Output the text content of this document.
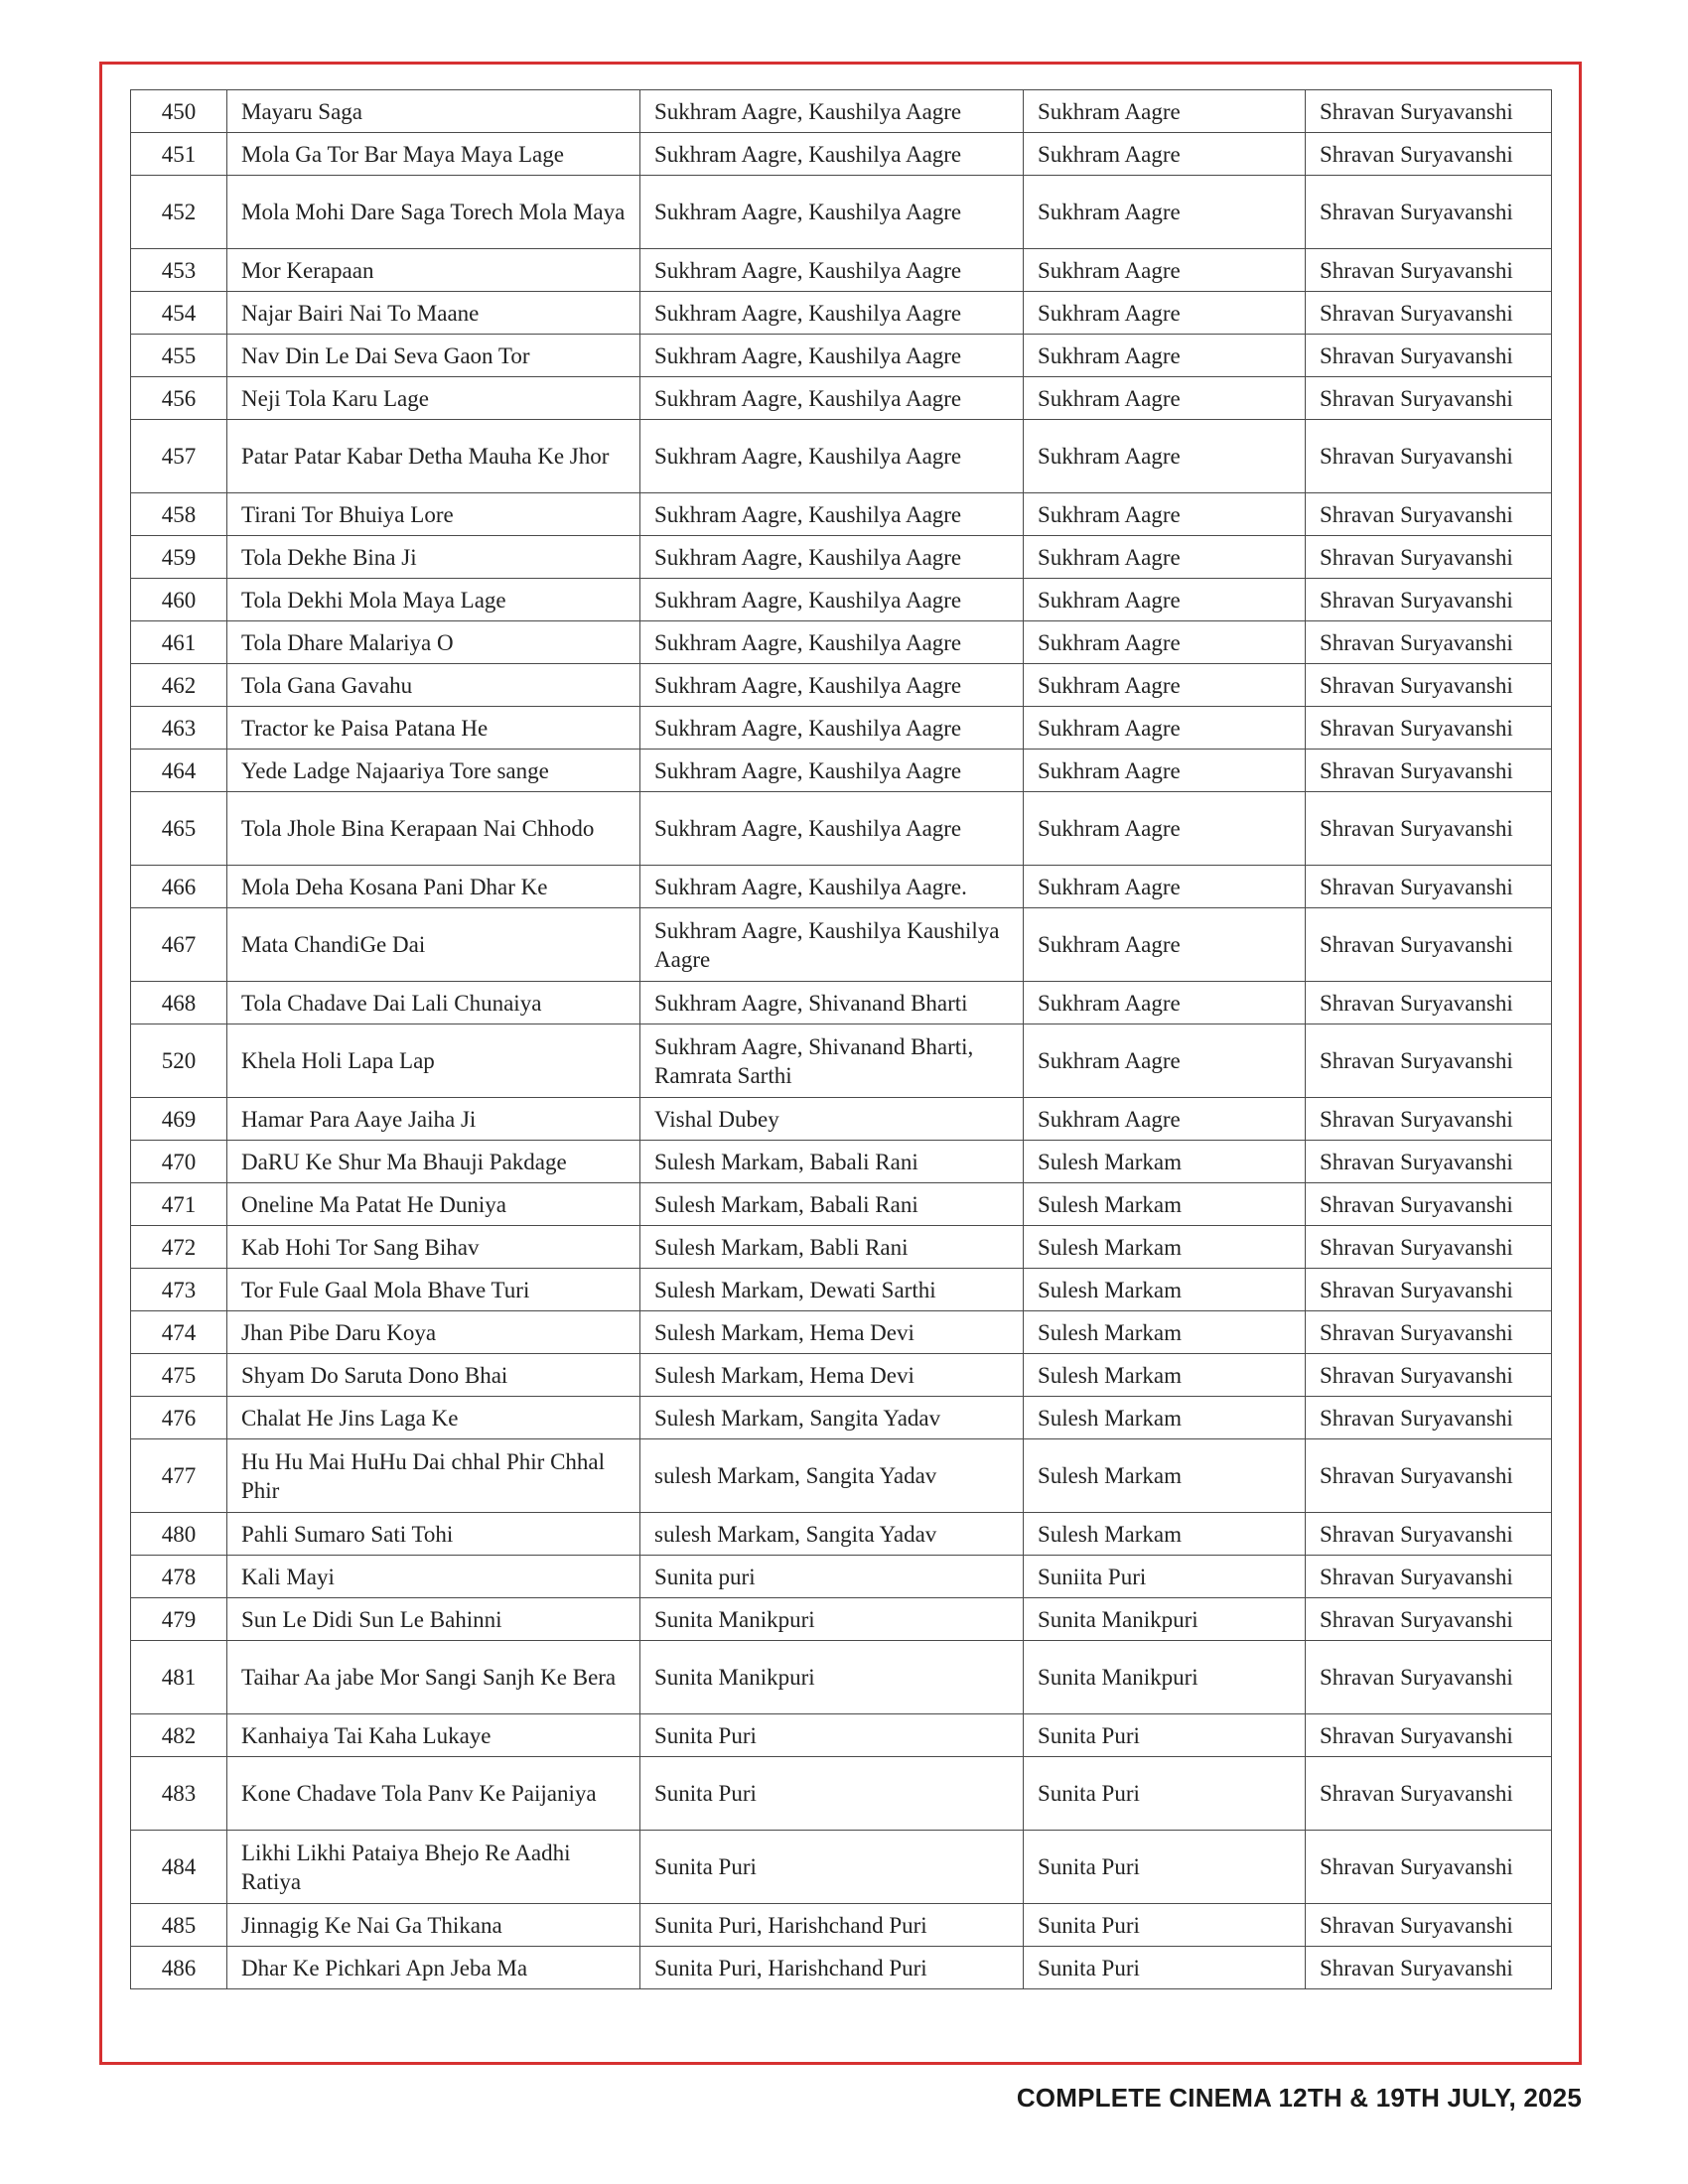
450	Mayaru Saga	Sukhram Aagre, Kaushilya Aagre	Sukhram Aagre	Shravan Suryavanshi
451	Mola Ga Tor Bar Maya Maya Lage	Sukhram Aagre, Kaushilya Aagre	Sukhram Aagre	Shravan Suryavanshi
452	Mola Mohi Dare Saga Torech Mola Maya	Sukhram Aagre, Kaushilya Aagre	Sukhram Aagre	Shravan Suryavanshi
453	Mor Kerapaan	Sukhram Aagre, Kaushilya Aagre	Sukhram Aagre	Shravan Suryavanshi
454	Najar Bairi Nai To Maane	Sukhram Aagre, Kaushilya Aagre	Sukhram Aagre	Shravan Suryavanshi
455	Nav Din Le Dai Seva Gaon Tor	Sukhram Aagre, Kaushilya Aagre	Sukhram Aagre	Shravan Suryavanshi
456	Neji Tola Karu Lage	Sukhram Aagre, Kaushilya Aagre	Sukhram Aagre	Shravan Suryavanshi
457	Patar Patar Kabar Detha Mauha Ke Jhor	Sukhram Aagre, Kaushilya Aagre	Sukhram Aagre	Shravan Suryavanshi
458	Tirani Tor Bhuiya Lore	Sukhram Aagre, Kaushilya Aagre	Sukhram Aagre	Shravan Suryavanshi
459	Tola Dekhe Bina Ji	Sukhram Aagre, Kaushilya Aagre	Sukhram Aagre	Shravan Suryavanshi
460	Tola Dekhi Mola Maya Lage	Sukhram Aagre, Kaushilya Aagre	Sukhram Aagre	Shravan Suryavanshi
461	Tola Dhare Malariya O	Sukhram Aagre, Kaushilya Aagre	Sukhram Aagre	Shravan Suryavanshi
462	Tola Gana Gavahu	Sukhram Aagre, Kaushilya Aagre	Sukhram Aagre	Shravan Suryavanshi
463	Tractor ke Paisa Patana He	Sukhram Aagre, Kaushilya Aagre	Sukhram Aagre	Shravan Suryavanshi
464	Yede Ladge Najaariya Tore sange	Sukhram Aagre, Kaushilya Aagre	Sukhram Aagre	Shravan Suryavanshi
465	Tola Jhole Bina Kerapaan Nai Chhodo	Sukhram Aagre, Kaushilya Aagre	Sukhram Aagre	Shravan Suryavanshi
466	Mola Deha Kosana Pani Dhar Ke	Sukhram Aagre, Kaushilya Aagre.	Sukhram Aagre	Shravan Suryavanshi
467	Mata ChandiGe Dai	Sukhram Aagre, Kaushilya Kaushilya Aagre	Sukhram Aagre	Shravan Suryavanshi
468	Tola Chadave Dai Lali Chunaiya	Sukhram Aagre, Shivanand Bharti	Sukhram Aagre	Shravan Suryavanshi
520	Khela Holi Lapa Lap	Sukhram Aagre, Shivanand Bharti, Ramrata Sarthi	Sukhram Aagre	Shravan Suryavanshi
469	Hamar Para Aaye Jaiha Ji	Vishal Dubey	Sukhram Aagre	Shravan Suryavanshi
470	DaRU Ke Shur Ma Bhauji Pakdage	Sulesh Markam, Babali Rani	Sulesh Markam	Shravan Suryavanshi
471	Oneline Ma Patat He Duniya	Sulesh Markam, Babali Rani	Sulesh Markam	Shravan Suryavanshi
472	Kab Hohi Tor Sang Bihav	Sulesh Markam, Babli Rani	Sulesh Markam	Shravan Suryavanshi
473	Tor Fule Gaal Mola Bhave Turi	Sulesh Markam, Dewati Sarthi	Sulesh Markam	Shravan Suryavanshi
474	Jhan Pibe Daru Koya	Sulesh Markam, Hema Devi	Sulesh Markam	Shravan Suryavanshi
475	Shyam Do Saruta Dono Bhai	Sulesh Markam, Hema Devi	Sulesh Markam	Shravan Suryavanshi
476	Chalat He Jins Laga Ke	Sulesh Markam, Sangita Yadav	Sulesh Markam	Shravan Suryavanshi
477	Hu Hu Mai HuHu Dai chhal Phir Chhal Phir	sulesh Markam, Sangita Yadav	Sulesh Markam	Shravan Suryavanshi
480	Pahli Sumaro Sati Tohi	sulesh Markam, Sangita Yadav	Sulesh Markam	Shravan Suryavanshi
478	Kali Mayi	Sunita puri	Suniita Puri	Shravan Suryavanshi
479	Sun Le Didi Sun Le Bahinni	Sunita Manikpuri	Sunita Manikpuri	Shravan Suryavanshi
481	Taihar Aa jabe Mor Sangi Sanjh Ke Bera	Sunita Manikpuri	Sunita Manikpuri	Shravan Suryavanshi
482	Kanhaiya Tai Kaha Lukaye	Sunita Puri	Sunita Puri	Shravan Suryavanshi
483	Kone Chadave Tola Panv Ke Paijaniya	Sunita Puri	Sunita Puri	Shravan Suryavanshi
484	Likhi Likhi Pataiya Bhejo Re Aadhi Ratiya	Sunita Puri	Sunita Puri	Shravan Suryavanshi
485	Jinnagig Ke Nai Ga Thikana	Sunita Puri, Harishchand Puri	Sunita Puri	Shravan Suryavanshi
486	Dhar Ke Pichkari Apn Jeba Ma	Sunita Puri, Harishchand Puri	Sunita Puri	Shravan Suryavanshi
COMPLETE CINEMA 12TH & 19TH JULY, 2025
